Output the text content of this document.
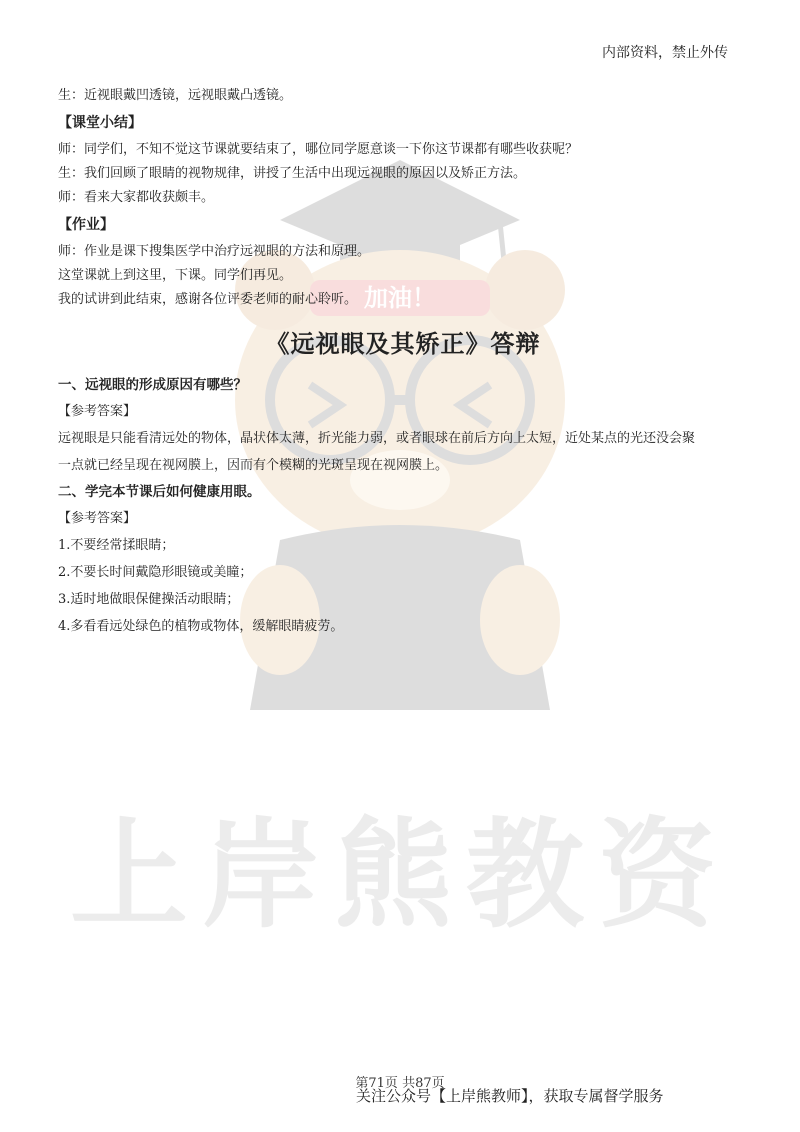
加油！
上岸熊教资
内部资料，禁止外传

生：近视眼戴凹透镜，远视眼戴凸透镜。

【课堂小结】

师：同学们，不知不觉这节课就要结束了，哪位同学愿意谈一下你这节课都有哪些收获呢？

生：我们回顾了眼睛的视物规律，讲授了生活中出现远视眼的原因以及矫正方法。

师：看来大家都收获颇丰。

【作业】

师：作业是课下搜集医学中治疗远视眼的方法和原理。

这堂课就上到这里，下课。同学们再见。

我的试讲到此结束，感谢各位评委老师的耐心聆听。

《远视眼及其矫正》答辩

一、远视眼的形成原因有哪些？

【参考答案】

远视眼是只能看清远处的物体，晶状体太薄，折光能力弱，或者眼球在前后方向上太短，近处某点的光还没会聚

一点就已经呈现在视网膜上，因而有个模糊的光斑呈现在视网膜上。

二、学完本节课后如何健康用眼。

【参考答案】

1.不要经常揉眼睛；

2.不要长时间戴隐形眼镜或美瞳；

3.适时地做眼保健操活动眼睛；

4.多看看远处绿色的植物或物体，缓解眼睛疲劳。

第71页 共87页
关注公众号【上岸熊教师】，获取专属督学服务
